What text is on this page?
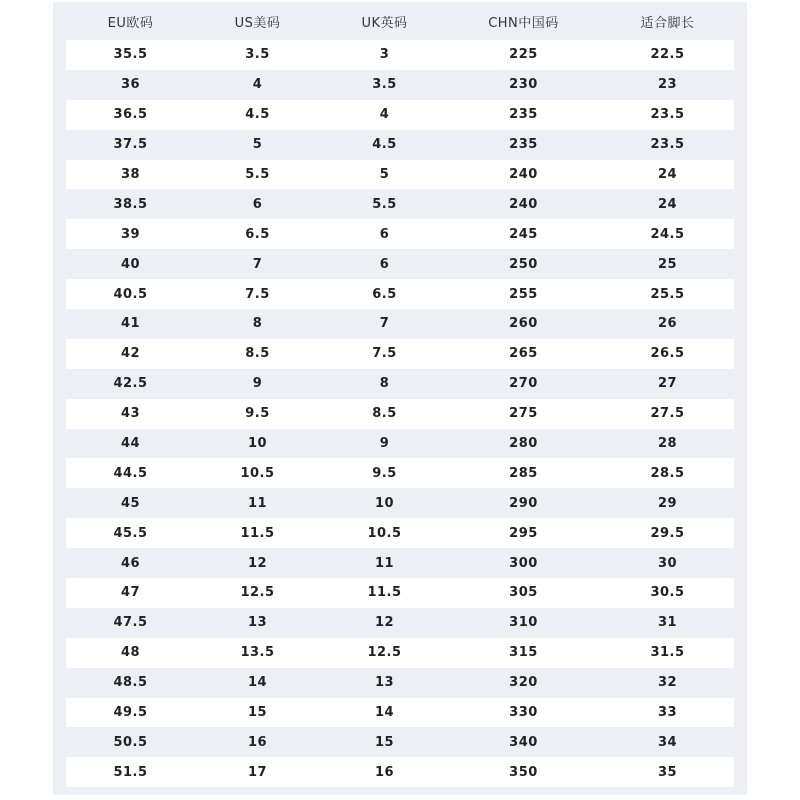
EU欧码	US美码	UK英码	CHN中国码	适合脚长
35.5	3.5	3	225	22.5
36	4	3.5	230	23
36.5	4.5	4	235	23.5
37.5	5	4.5	235	23.5
38	5.5	5	240	24
38.5	6	5.5	240	24
39	6.5	6	245	24.5
40	7	6	250	25
40.5	7.5	6.5	255	25.5
41	8	7	260	26
42	8.5	7.5	265	26.5
42.5	9	8	270	27
43	9.5	8.5	275	27.5
44	10	9	280	28
44.5	10.5	9.5	285	28.5
45	11	10	290	29
45.5	11.5	10.5	295	29.5
46	12	11	300	30
47	12.5	11.5	305	30.5
47.5	13	12	310	31
48	13.5	12.5	315	31.5
48.5	14	13	320	32
49.5	15	14	330	33
50.5	16	15	340	34
51.5	17	16	350	35
